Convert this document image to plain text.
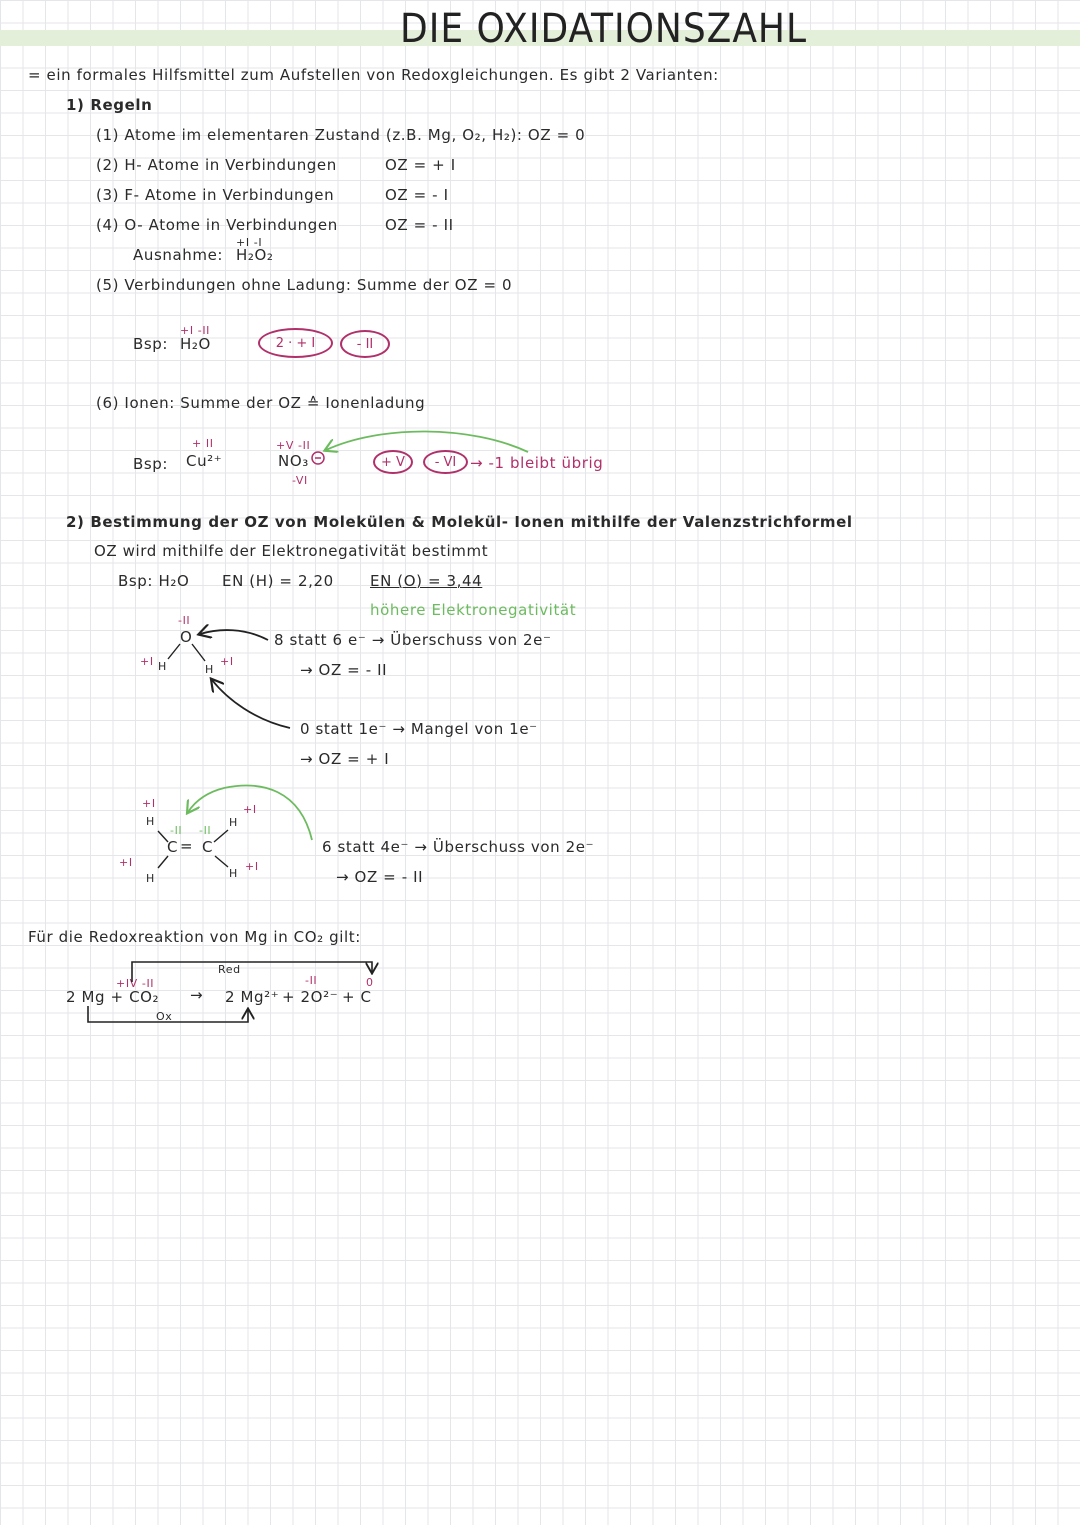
DIE OXIDATIONSZAHL
= ein formales Hilfsmittel zum Aufstellen von Redoxgleichungen. Es gibt 2 Varianten:
1) Regeln
(1) Atome im elementaren Zustand (z.B. Mg, O₂, H₂): OZ = 0
(2) H- Atome in Verbindungen	OZ = + I
(3) F- Atome in Verbindungen	OZ = - I
(4) O- Atome in Verbindungen	OZ = - II
Ausnahme:
+I -I
H₂O₂
(5) Verbindungen ohne Ladung: Summe der OZ = 0
Bsp:
+I -II
H₂O	2 · + I	- II
(6) Ionen: Summe der OZ ≙ Ionenladung
Bsp:
+ II
Cu²⁺
+V -II
NO₃
-VI
+ V	- VI → -1 bleibt übrig
2) Bestimmung der OZ von Molekülen & Molekül- Ionen mithilfe der Valenzstrichformel
OZ wird mithilfe der Elektronegativität bestimmt
Bsp: H₂O EN (H) = 2,20 EN (O) = 3,44
höhere Elektronegativität
-II
O
+I H	+I
H
8 statt 6 e⁻ → Überschuss von 2e⁻
→ OZ = - II
0 statt 1e⁻ → Mangel von 1e⁻
→ OZ = + I
+I
H
+I
H
-II -II
C = C
+I
H
+I
H
6 statt 4e⁻ → Überschuss von 2e⁻
→ OZ = - II
Für die Redoxreaktion von Mg in CO₂ gilt:
Red
+IV -II
2 Mg + CO₂ → 2 Mg²⁺
-II
+ 2O²⁻
0
+ C
Ox
